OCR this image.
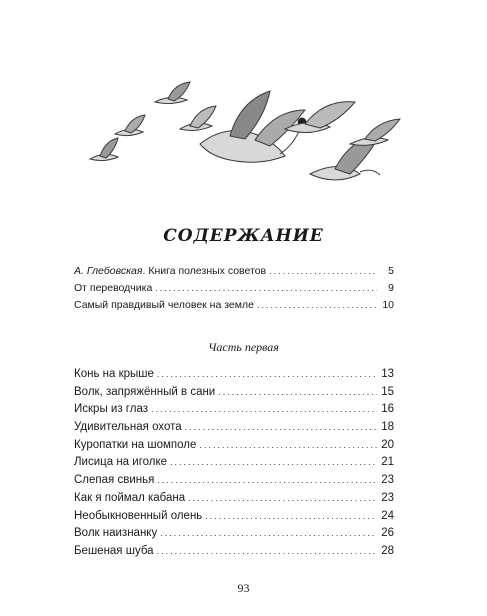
СОДЕРЖАНИЕ
А. Глебовская . Книга полезных советов .....	5
От переводчика .....	9
Самый правдивый человек на земле .....	10
Часть первая
Конь на крыше .....	13
Волк, запряжённый в сани .....	15
Искры из глаз .....	16
Удивительная охота .....	18
Куропатки на шомполе .....	20
Лисица на иголке .....	21
Слепая свинья .....	23
Как я поймал кабана .....	23
Необыкновенный олень .....	24
Волк наизнанку .....	26
Бешеная шуба .....	28
93
